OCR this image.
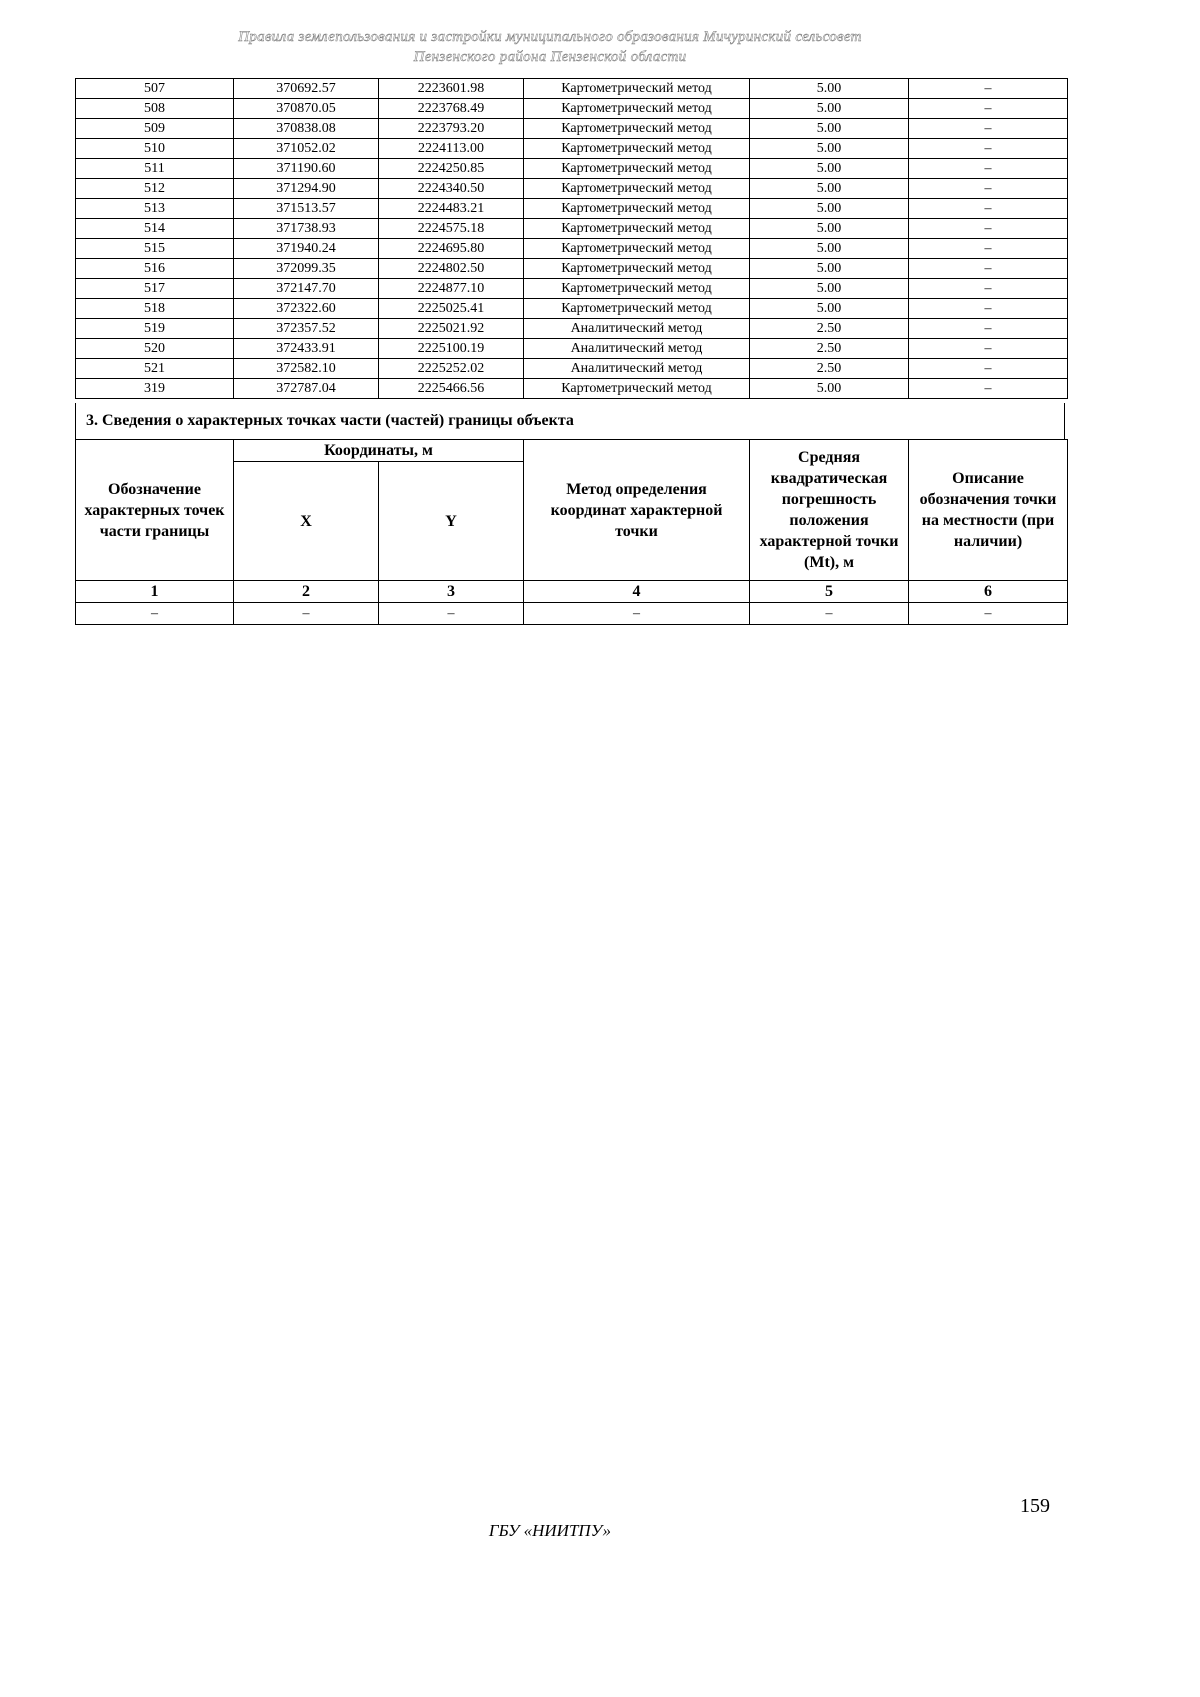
Правила землепользования и застройки муниципального образования Мичуринский сельсовет
Пензенского района Пензенской области
507	370692.57	2223601.98	Картометрический метод	5.00	–
508	370870.05	2223768.49	Картометрический метод	5.00	–
509	370838.08	2223793.20	Картометрический метод	5.00	–
510	371052.02	2224113.00	Картометрический метод	5.00	–
511	371190.60	2224250.85	Картометрический метод	5.00	–
512	371294.90	2224340.50	Картометрический метод	5.00	–
513	371513.57	2224483.21	Картометрический метод	5.00	–
514	371738.93	2224575.18	Картометрический метод	5.00	–
515	371940.24	2224695.80	Картометрический метод	5.00	–
516	372099.35	2224802.50	Картометрический метод	5.00	–
517	372147.70	2224877.10	Картометрический метод	5.00	–
518	372322.60	2225025.41	Картометрический метод	5.00	–
519	372357.52	2225021.92	Аналитический метод	2.50	–
520	372433.91	2225100.19	Аналитический метод	2.50	–
521	372582.10	2225252.02	Аналитический метод	2.50	–
319	372787.04	2225466.56	Картометрический метод	5.00	–
3. Сведения о характерных точках части (частей) границы объекта
Обозначение характерных точек части границы	Координаты, м		Метод определения координат характерной точки	Средняя квадратическая погрешность положения характерной точки (Мt), м	Описание обозначения точки на местности (при наличии)
	X	Y			
1	2	3	4	5	6
–	–	–	–	–	–
159
ГБУ «НИИТПУ»
